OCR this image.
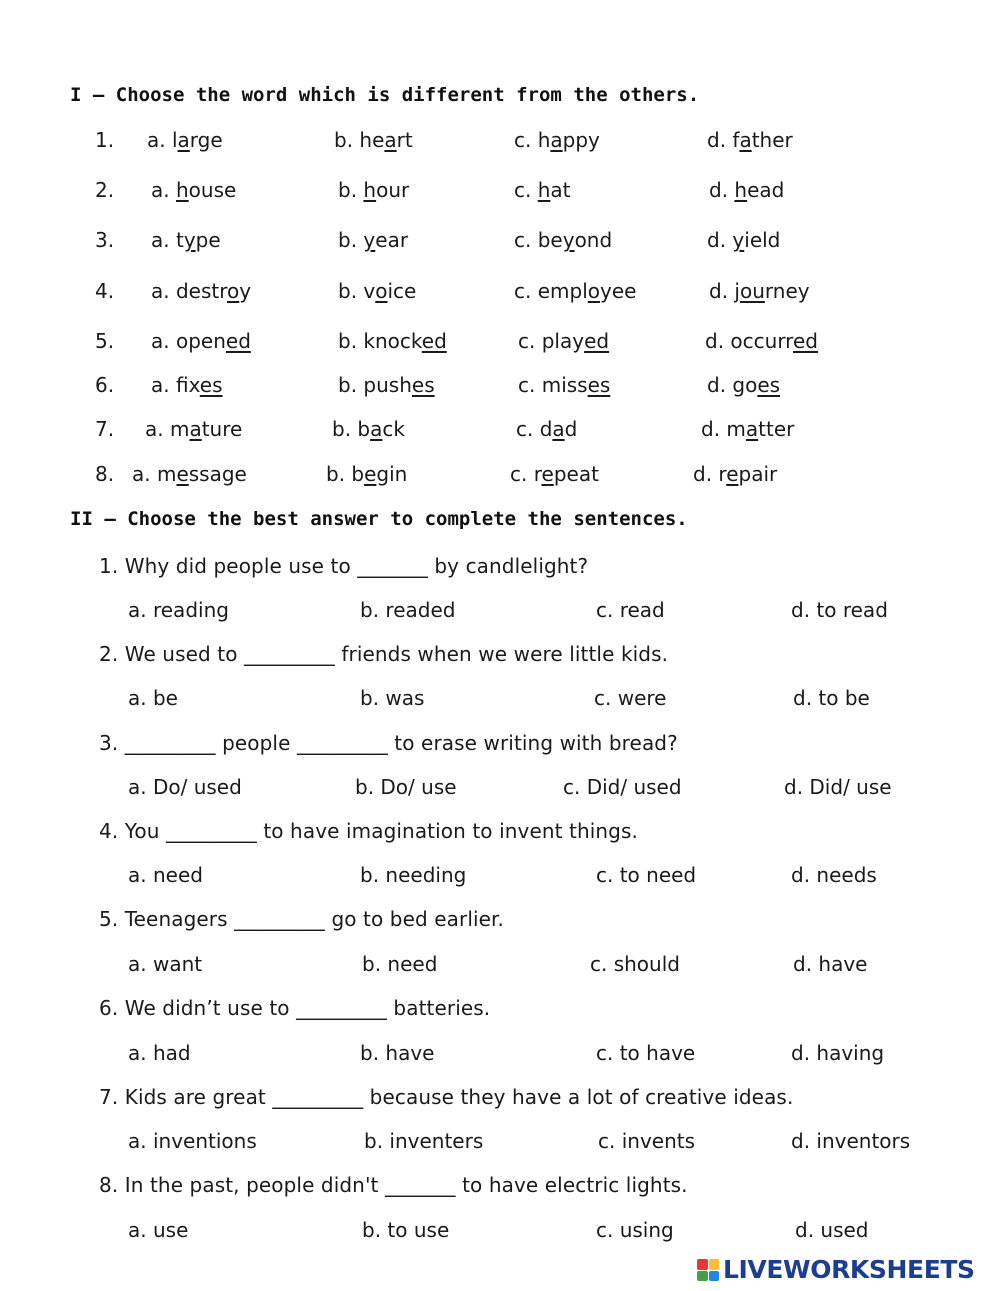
I – Choose the word which is different from the others.
1. a. large	b. heart	c. happy	d. father
2. a. house	b. hour	c. hat	d. head
3. a. type	b. year	c. beyond	d. yield
4. a. destroy	b. voice	c. employee	d. journey
5. a. opened	b. knocked	c. played	d. occurred
6. a. fixes	b. pushes	c. misses	d. goes
7. a. mature	b. back	c. dad	d. matter
8. a. message	b. begin	c. repeat	d. repair
II – Choose the best answer to complete the sentences.
1. Why did people use to _______ by candlelight?
a. reading	b. readed	c. read	d. to read
2. We used to _________ friends when we were little kids.
a. be	b. was	c. were	d. to be
3. _________ people _________ to erase writing with bread?
a. Do/ used	b. Do/ use	c. Did/ used	d. Did/ use
4. You _________ to have imagination to invent things.
a. need	b. needing	c. to need	d. needs
5. Teenagers _________ go to bed earlier.
a. want	b. need	c. should	d. have
6. We didn’t use to _________ batteries.
a. had	b. have	c. to have	d. having
7. Kids are great _________ because they have a lot of creative ideas.
a. inventions	b. inventers	c. invents	d. inventors
8. In the past, people didn't _______ to have electric lights.
a. use	b. to use	c. using	d. used
LIVEWORKSHEETS
